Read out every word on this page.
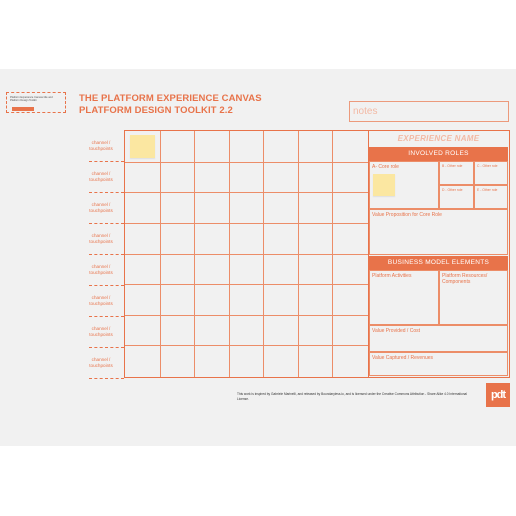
Platform Experience Canvas title and Platform Design Toolkit	THE PLATFORM EXPERIENCE CANVAS
PLATFORM DESIGN TOOLKIT 2.2	notes
channel /
touchpoints
channel /
touchpoints
channel /
touchpoints
channel /
touchpoints
channel /
touchpoints
channel /
touchpoints
channel /
touchpoints
channel /
touchpoints
EXPERIENCE NAME
INVOLVED ROLES
A- Core role	B - Other role	C - Other role
D - Other role	E - Other role
Value Proposition for Core Role
BUSINESS MODEL ELEMENTS
Platform Activities	Platform Resources/ Components
Value Provided / Cost
Value Captured / Revenues
This work is inspired by Gabriele Marinelli, and released by Boundaryless.io, and is licensed under the Creative Commons Attribution - Share Alike 4.0 International License.	pdt
